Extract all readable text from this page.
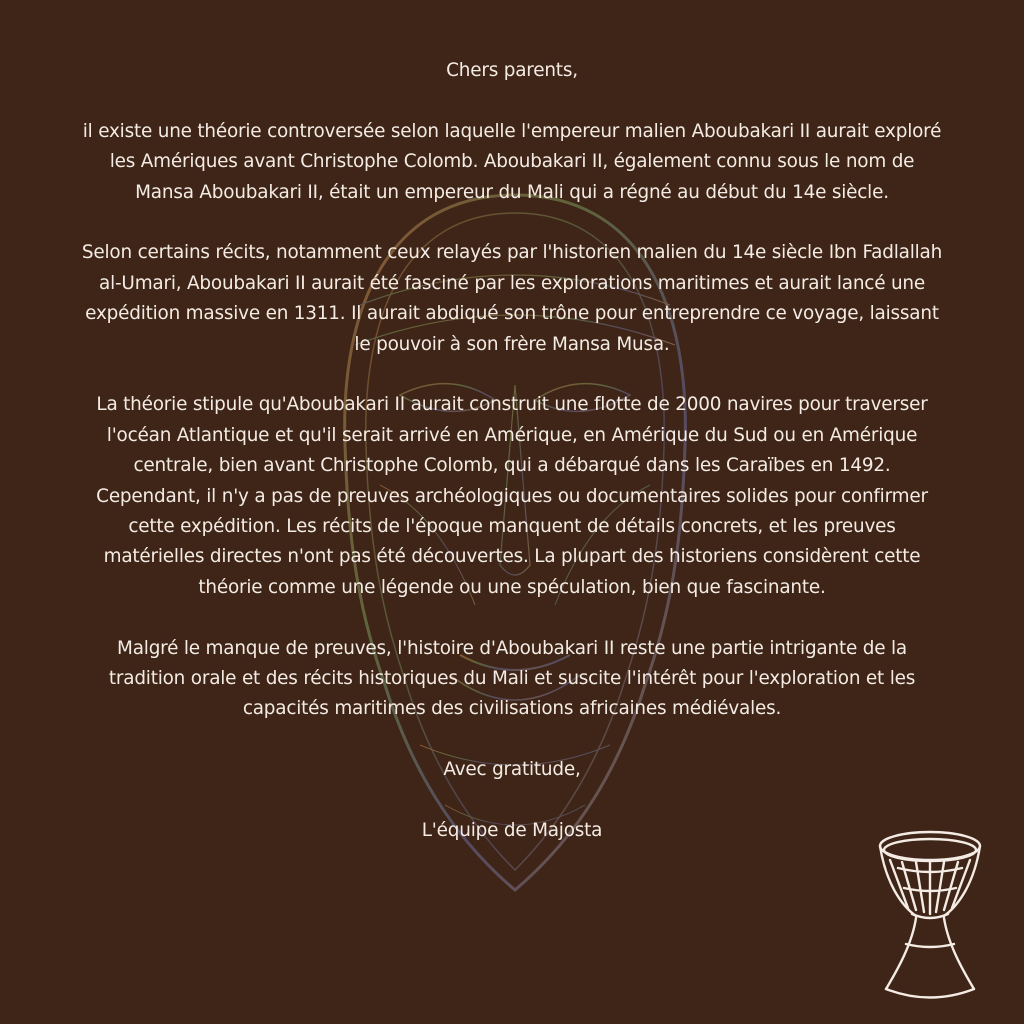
Chers parents,

il existe une théorie controversée selon laquelle l'empereur malien Aboubakari II aurait exploré les Amériques avant Christophe Colomb. Aboubakari II, également connu sous le nom de Mansa Aboubakari II, était un empereur du Mali qui a régné au début du 14e siècle.

Selon certains récits, notamment ceux relayés par l'historien malien du 14e siècle Ibn Fadlallah al-Umari, Aboubakari II aurait été fasciné par les explorations maritimes et aurait lancé une expédition massive en 1311. Il aurait abdiqué son trône pour entreprendre ce voyage, laissant le pouvoir à son frère Mansa Musa.

La théorie stipule qu'Aboubakari II aurait construit une flotte de 2000 navires pour traverser l'océan Atlantique et qu'il serait arrivé en Amérique, en Amérique du Sud ou en Amérique centrale, bien avant Christophe Colomb, qui a débarqué dans les Caraïbes en 1492.

Cependant, il n'y a pas de preuves archéologiques ou documentaires solides pour confirmer cette expédition. Les récits de l'époque manquent de détails concrets, et les preuves matérielles directes n'ont pas été découvertes. La plupart des historiens considèrent cette théorie comme une légende ou une spéculation, bien que fascinante.

Malgré le manque de preuves, l'histoire d'Aboubakari II reste une partie intrigante de la tradition orale et des récits historiques du Mali et suscite l'intérêt pour l'exploration et les capacités maritimes des civilisations africaines médiévales.

Avec gratitude,

L'équipe de Majosta
